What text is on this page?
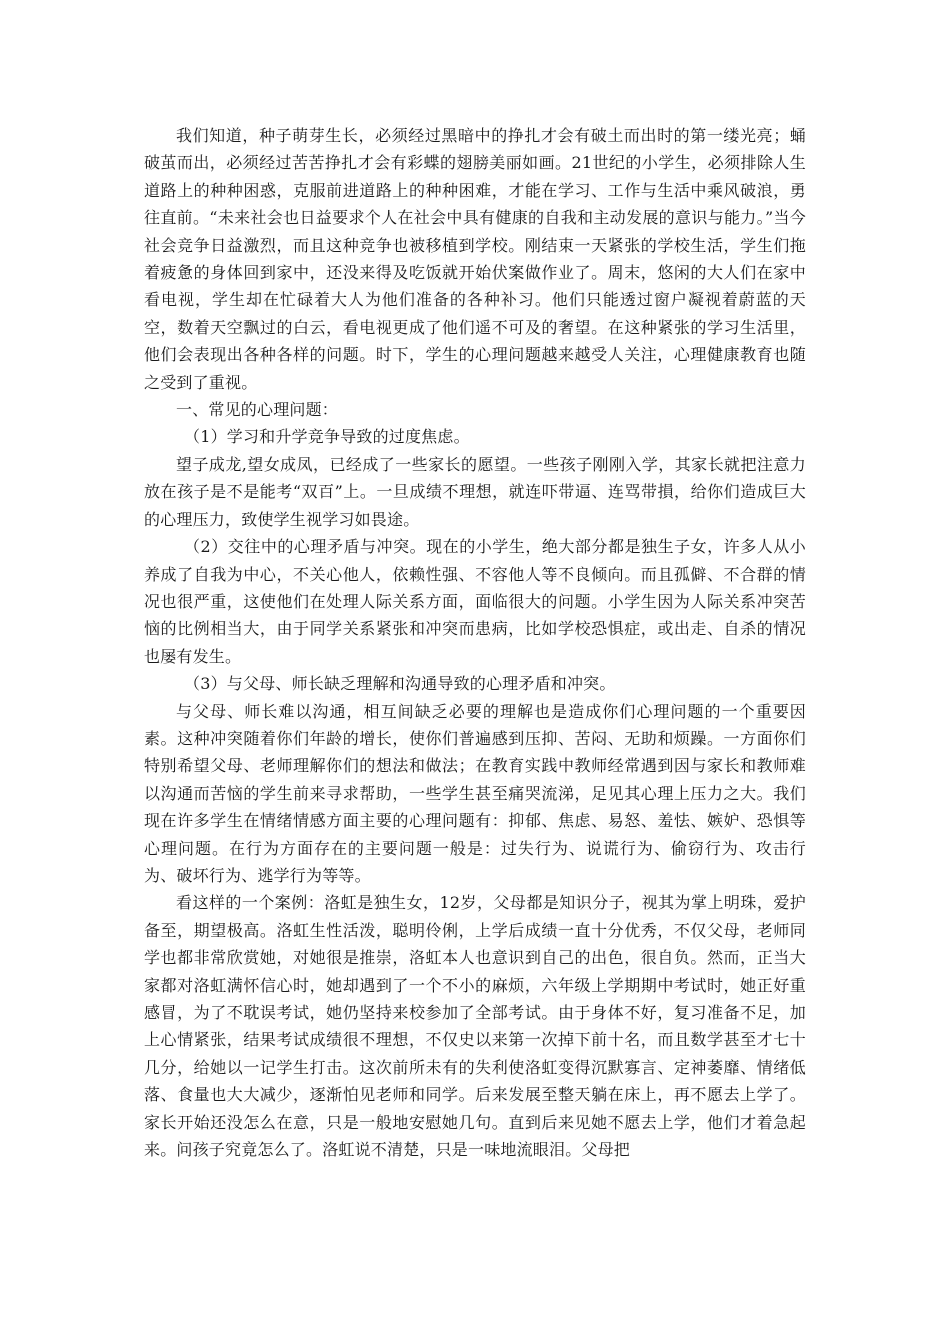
我们知道，种子萌芽生长，必须经过黑暗中的挣扎才会有破土而出时的第一缕光亮；蛹破茧而出，必须经过苦苦挣扎才会有彩蝶的翅膀美丽如画。21世纪的小学生，必须排除人生道路上的种种困惑，克服前进道路上的种种困难，才能在学习、工作与生活中乘风破浪，勇往直前。“未来社会也日益要求个人在社会中具有健康的自我和主动发展的意识与能力。”当今社会竞争日益激烈，而且这种竞争也被移植到学校。刚结束一天紧张的学校生活，学生们拖着疲惫的身体回到家中，还没来得及吃饭就开始伏案做作业了。周末，悠闲的大人们在家中看电视，学生却在忙碌着大人为他们准备的各种补习。他们只能透过窗户凝视着蔚蓝的天空，数着天空飘过的白云，看电视更成了他们遥不可及的奢望。在这种紧张的学习生活里，他们会表现出各种各样的问题。时下，学生的心理问题越来越受人关注，心理健康教育也随之受到了重视。

一、常见的心理问题：

（1）学习和升学竞争导致的过度焦虑。

望子成龙,望女成凤，已经成了一些家长的愿望。一些孩子刚刚入学，其家长就把注意力放在孩子是不是能考“双百”上。一旦成绩不理想，就连吓带逼、连骂带損，给你们造成巨大的心理压力，致使学生视学习如畏途。

（2）交往中的心理矛盾与冲突。现在的小学生，绝大部分都是独生子女，许多人从小养成了自我为中心，不关心他人，依赖性强、不容他人等不良倾向。而且孤僻、不合群的情况也很严重，这使他们在处理人际关系方面，面临很大的问题。小学生因为人际关系冲突苦恼的比例相当大，由于同学关系紧张和冲突而患病，比如学校恐惧症，或出走、自杀的情况也屡有发生。

（3）与父母、师长缺乏理解和沟通导致的心理矛盾和冲突。

与父母、师长难以沟通，相互间缺乏必要的理解也是造成你们心理问题的一个重要因素。这种冲突随着你们年龄的增长，使你们普遍感到压抑、苦闷、无助和烦躁。一方面你们特别希望父母、老师理解你们的想法和做法；在教育实践中教师经常遇到因与家长和教师难以沟通而苦恼的学生前来寻求帮助，一些学生甚至痛哭流涕，足见其心理上压力之大。我们现在许多学生在情绪情感方面主要的心理问题有：抑郁、焦虑、易怒、羞怯、嫉妒、恐惧等心理问题。在行为方面存在的主要问题一般是：过失行为、说谎行为、偷窃行为、攻击行为、破坏行为、逃学行为等等。

看这样的一个案例：洛虹是独生女，12岁，父母都是知识分子，视其为掌上明珠，爱护备至，期望极高。洛虹生性活泼，聪明伶俐，上学后成绩一直十分优秀，不仅父母，老师同学也都非常欣赏她，对她很是推崇，洛虹本人也意识到自己的出色，很自负。然而，正当大家都对洛虹满怀信心时，她却遇到了一个不小的麻烦，六年级上学期期中考试时，她正好重感冒，为了不耽误考试，她仍坚持来校参加了全部考试。由于身体不好，复习准备不足，加上心情紧张，结果考试成绩很不理想，不仅史以来第一次掉下前十名，而且数学甚至才七十几分，给她以一记学生打击。这次前所未有的失利使洛虹变得沉默寡言、定神萎靡、情绪低落、食量也大大减少，逐渐怕见老师和同学。后来发展至整天躺在床上，再不愿去上学了。家长开始还没怎么在意，只是一般地安慰她几句。直到后来见她不愿去上学，他们才着急起来。问孩子究竟怎么了。洛虹说不清楚，只是一味地流眼泪。父母把
